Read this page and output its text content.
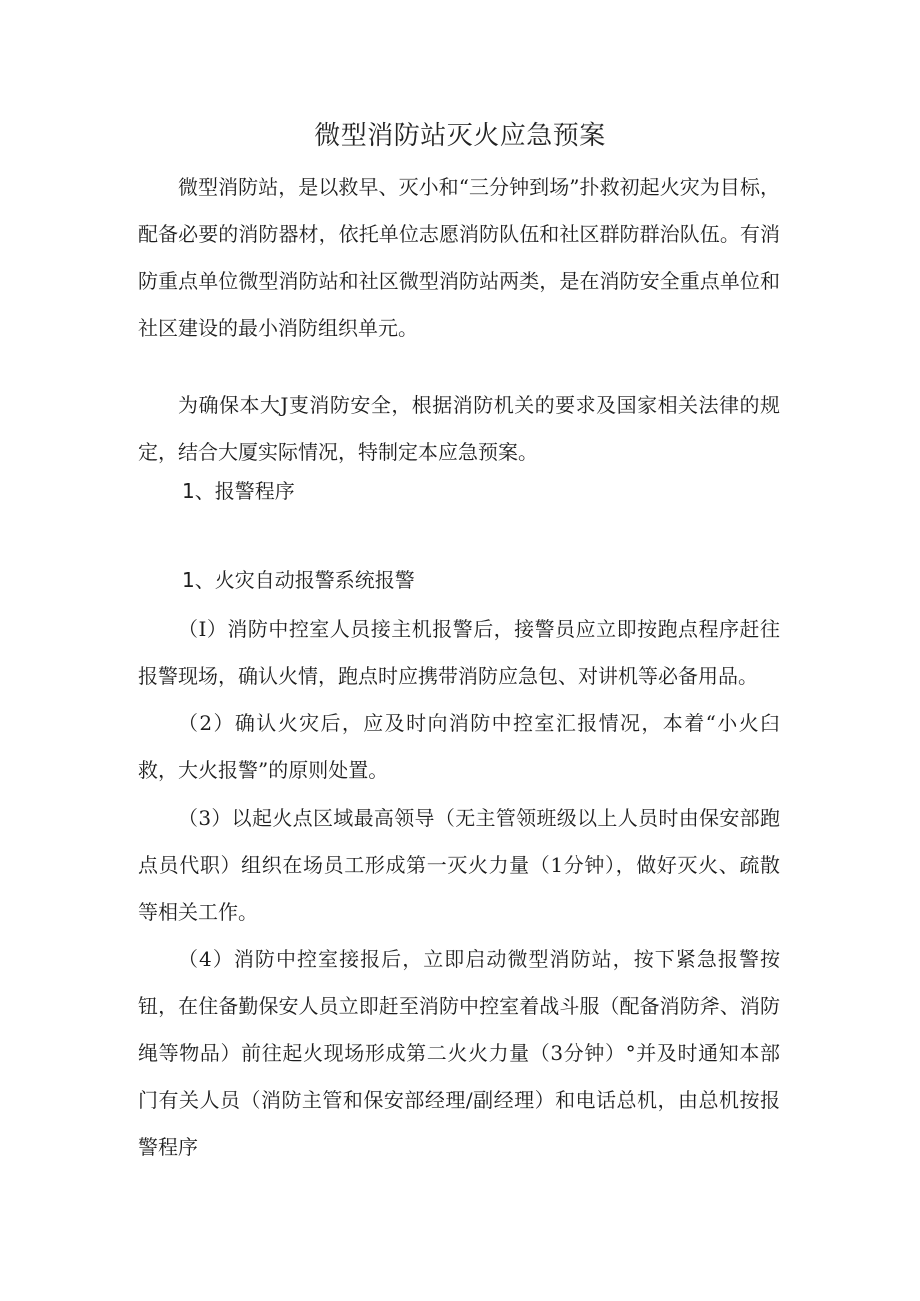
微型消防站灭火应急预案

微型消防站，是以救早、灭小和“三分钟到场”扑救初起火灾为目标，配备必要的消防器材，依托单位志愿消防队伍和社区群防群治队伍。有消防重点单位微型消防站和社区微型消防站两类，是在消防安全重点单位和社区建设的最小消防组织单元。

为确保本大J叓消防安全，根据消防机关的要求及国家相关法律的规定，结合大厦实际情况，特制定本应急预案。

1、报警程序
1、火灾自动报警系统报警

（I）消防中控室人员接主机报警后，接警员应立即按跑点程序赶往报警现场，确认火情，跑点时应携带消防应急包、对讲机等必备用品。

（2）确认火灾后，应及时向消防中控室汇报情况，本着“小火臼救，大火报警”的原则处置。

（3）以起火点区域最高领导（无主管领班级以上人员时由保安部跑点员代职）组织在场员工形成第一灭火力量（1分钟），做好灭火、疏散等相关工作。

（4）消防中控室接报后，立即启动微型消防站，按下紧急报警按钮，在住备勤保安人员立即赶至消防中控室着战斗服（配备消防斧、消防绳等物品）前往起火现场形成第二火火力量（3分钟）°并及时通知本部门有关人员（消防主管和保安部经理/副经理）和电话总机，由总机按报警程序
